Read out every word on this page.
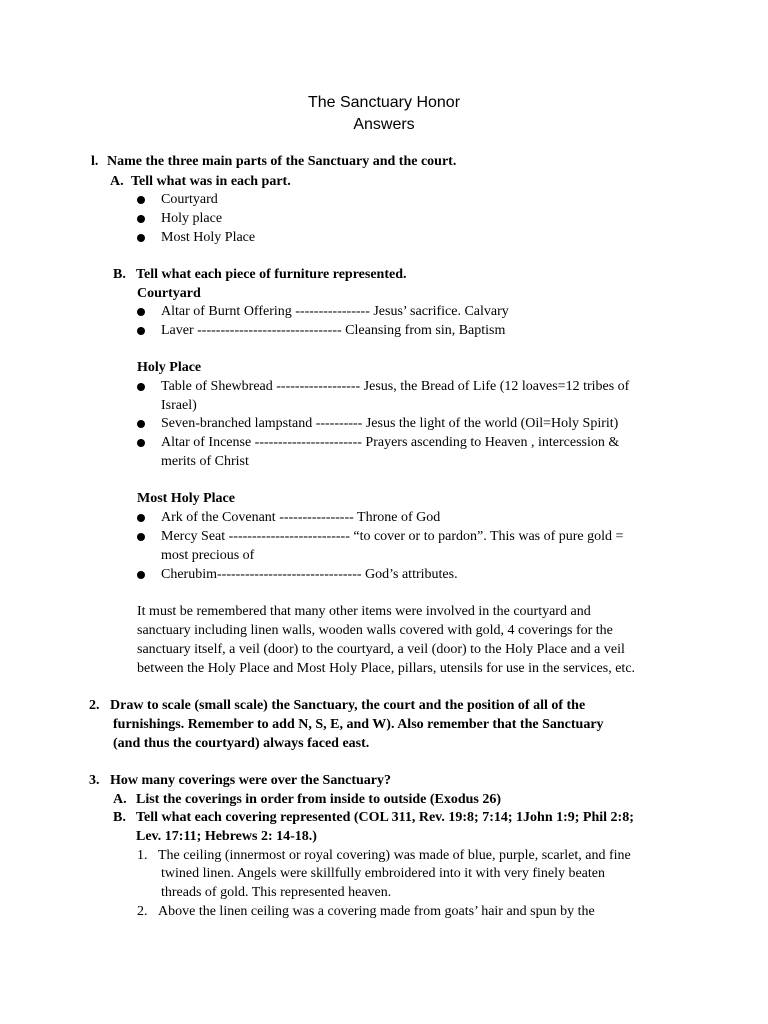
The Sanctuary Honor
Answers
l. Name the three main parts of the Sanctuary and the court.
A. Tell what was in each part.
Courtyard
Holy place
Most Holy Place
B. Tell what each piece of furniture represented.
Courtyard
Altar of Burnt Offering ---------------- Jesus’ sacrifice. Calvary
Laver ------------------------------- Cleansing from sin, Baptism
Holy Place
Table of Shewbread ------------------ Jesus, the Bread of Life (12 loaves=12 tribes of
Israel)
Seven-branched lampstand ---------- Jesus the light of the world (Oil=Holy Spirit)
Altar of Incense ----------------------- Prayers ascending to Heaven , intercession &
merits of Christ
Most Holy Place
Ark of the Covenant ---------------- Throne of God
Mercy Seat -------------------------- “to cover or to pardon”. This was of pure gold =
most precious of
Cherubim------------------------------- God’s attributes.
It must be remembered that many other items were involved in the courtyard and
sanctuary including linen walls, wooden walls covered with gold, 4 coverings for the
sanctuary itself, a veil (door) to the courtyard, a veil (door) to the Holy Place and a veil
between the Holy Place and Most Holy Place, pillars, utensils for use in the services, etc.
2. Draw to scale (small scale) the Sanctuary, the court and the position of all of the
furnishings. Remember to add N, S, E, and W). Also remember that the Sanctuary
(and thus the courtyard) always faced east.
3. How many coverings were over the Sanctuary?
A. List the coverings in order from inside to outside (Exodus 26)
B. Tell what each covering represented (COL 311, Rev. 19:8; 7:14; 1John 1:9; Phil 2:8;
Lev. 17:11; Hebrews 2: 14-18.)
1. The ceiling (innermost or royal covering) was made of blue, purple, scarlet, and fine
twined linen. Angels were skillfully embroidered into it with very finely beaten
threads of gold. This represented heaven.
2. Above the linen ceiling was a covering made from goats’ hair and spun by the
